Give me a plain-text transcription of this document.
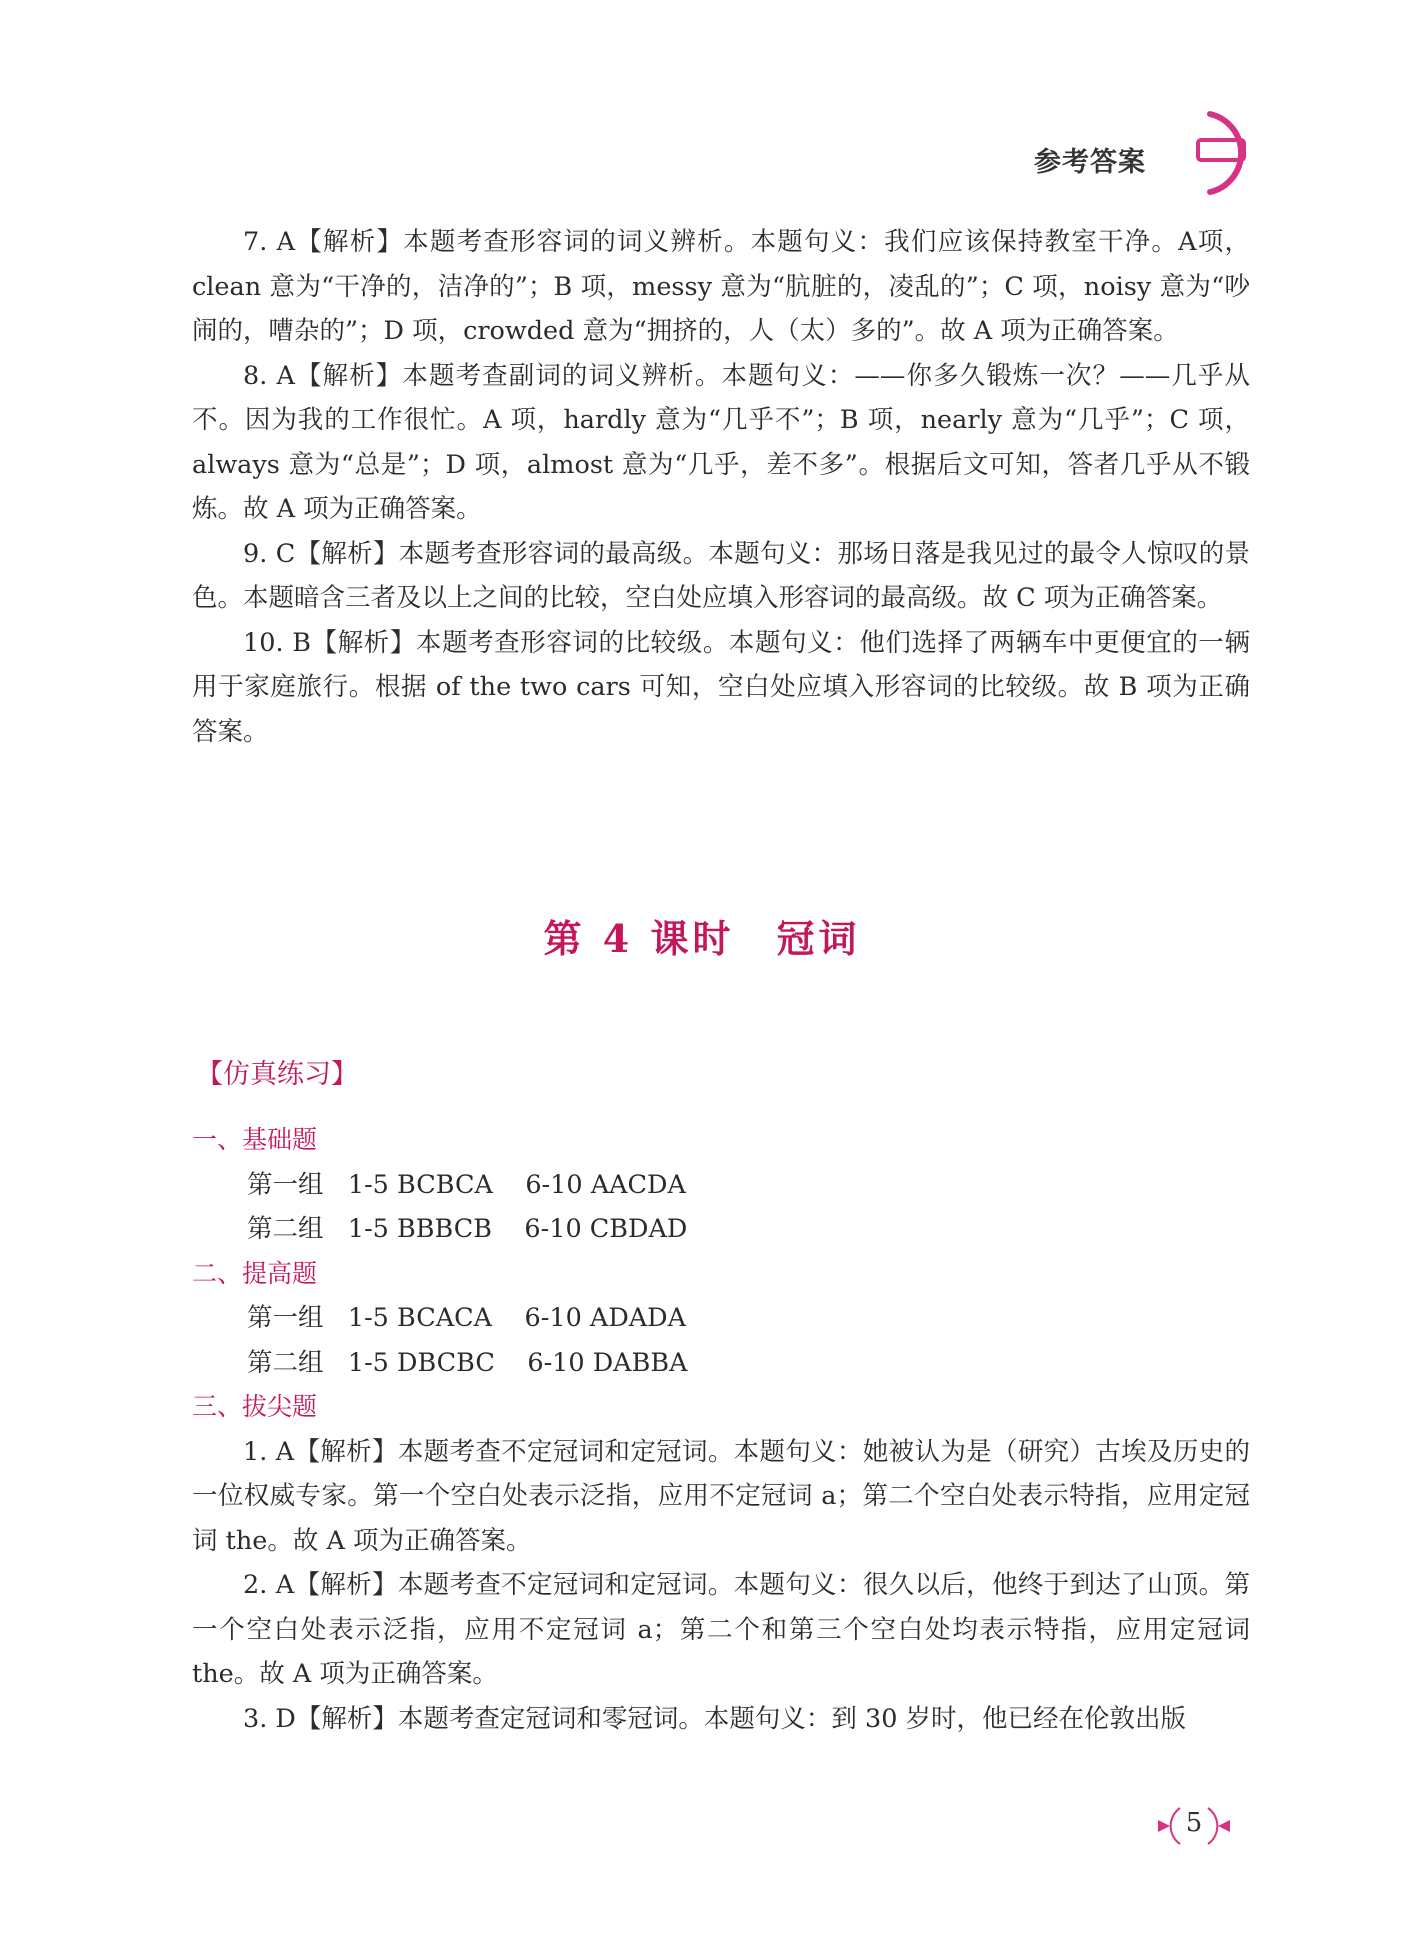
参考答案

7. A【解析】本题考查形容词的词义辨析。本题句义：我们应该保持教室干净。A项，clean 意为“干净的，洁净的”；B 项，messy 意为“肮脏的，凌乱的”；C 项，noisy 意为“吵闹的，嘈杂的”；D 项，crowded 意为“拥挤的，人（太）多的”。故 A 项为正确答案。

8. A【解析】本题考查副词的词义辨析。本题句义：——你多久锻炼一次？——几乎从不。因为我的工作很忙。A 项，hardly 意为“几乎不”；B 项，nearly 意为“几乎”；C 项，always 意为“总是”；D 项，almost 意为“几乎，差不多”。根据后文可知，答者几乎从不锻炼。故 A 项为正确答案。

9. C【解析】本题考查形容词的最高级。本题句义：那场日落是我见过的最令人惊叹的景色。本题暗含三者及以上之间的比较，空白处应填入形容词的最高级。故 C 项为正确答案。

10. B【解析】本题考查形容词的比较级。本题句义：他们选择了两辆车中更便宜的一辆用于家庭旅行。根据 of the two cars 可知，空白处应填入形容词的比较级。故 B 项为正确答案。

第 4 课时　冠词
【仿真练习】
一、基础题
第一组 1-5 BCBCA 6-10 AACDA
第二组 1-5 BBBCB 6-10 CBDAD
二、提高题
第一组 1-5 BCACA 6-10 ADADA
第二组 1-5 DBCBC 6-10 DABBA
三、拔尖题

1. A【解析】本题考查不定冠词和定冠词。本题句义：她被认为是（研究）古埃及历史的一位权威专家。第一个空白处表示泛指，应用不定冠词 a；第二个空白处表示特指，应用定冠词 the。故 A 项为正确答案。

2. A【解析】本题考查不定冠词和定冠词。本题句义：很久以后，他终于到达了山顶。第一个空白处表示泛指，应用不定冠词 a；第二个和第三个空白处均表示特指，应用定冠词 the。故 A 项为正确答案。

3. D【解析】本题考查定冠词和零冠词。本题句义：到 30 岁时，他已经在伦敦出版

5
